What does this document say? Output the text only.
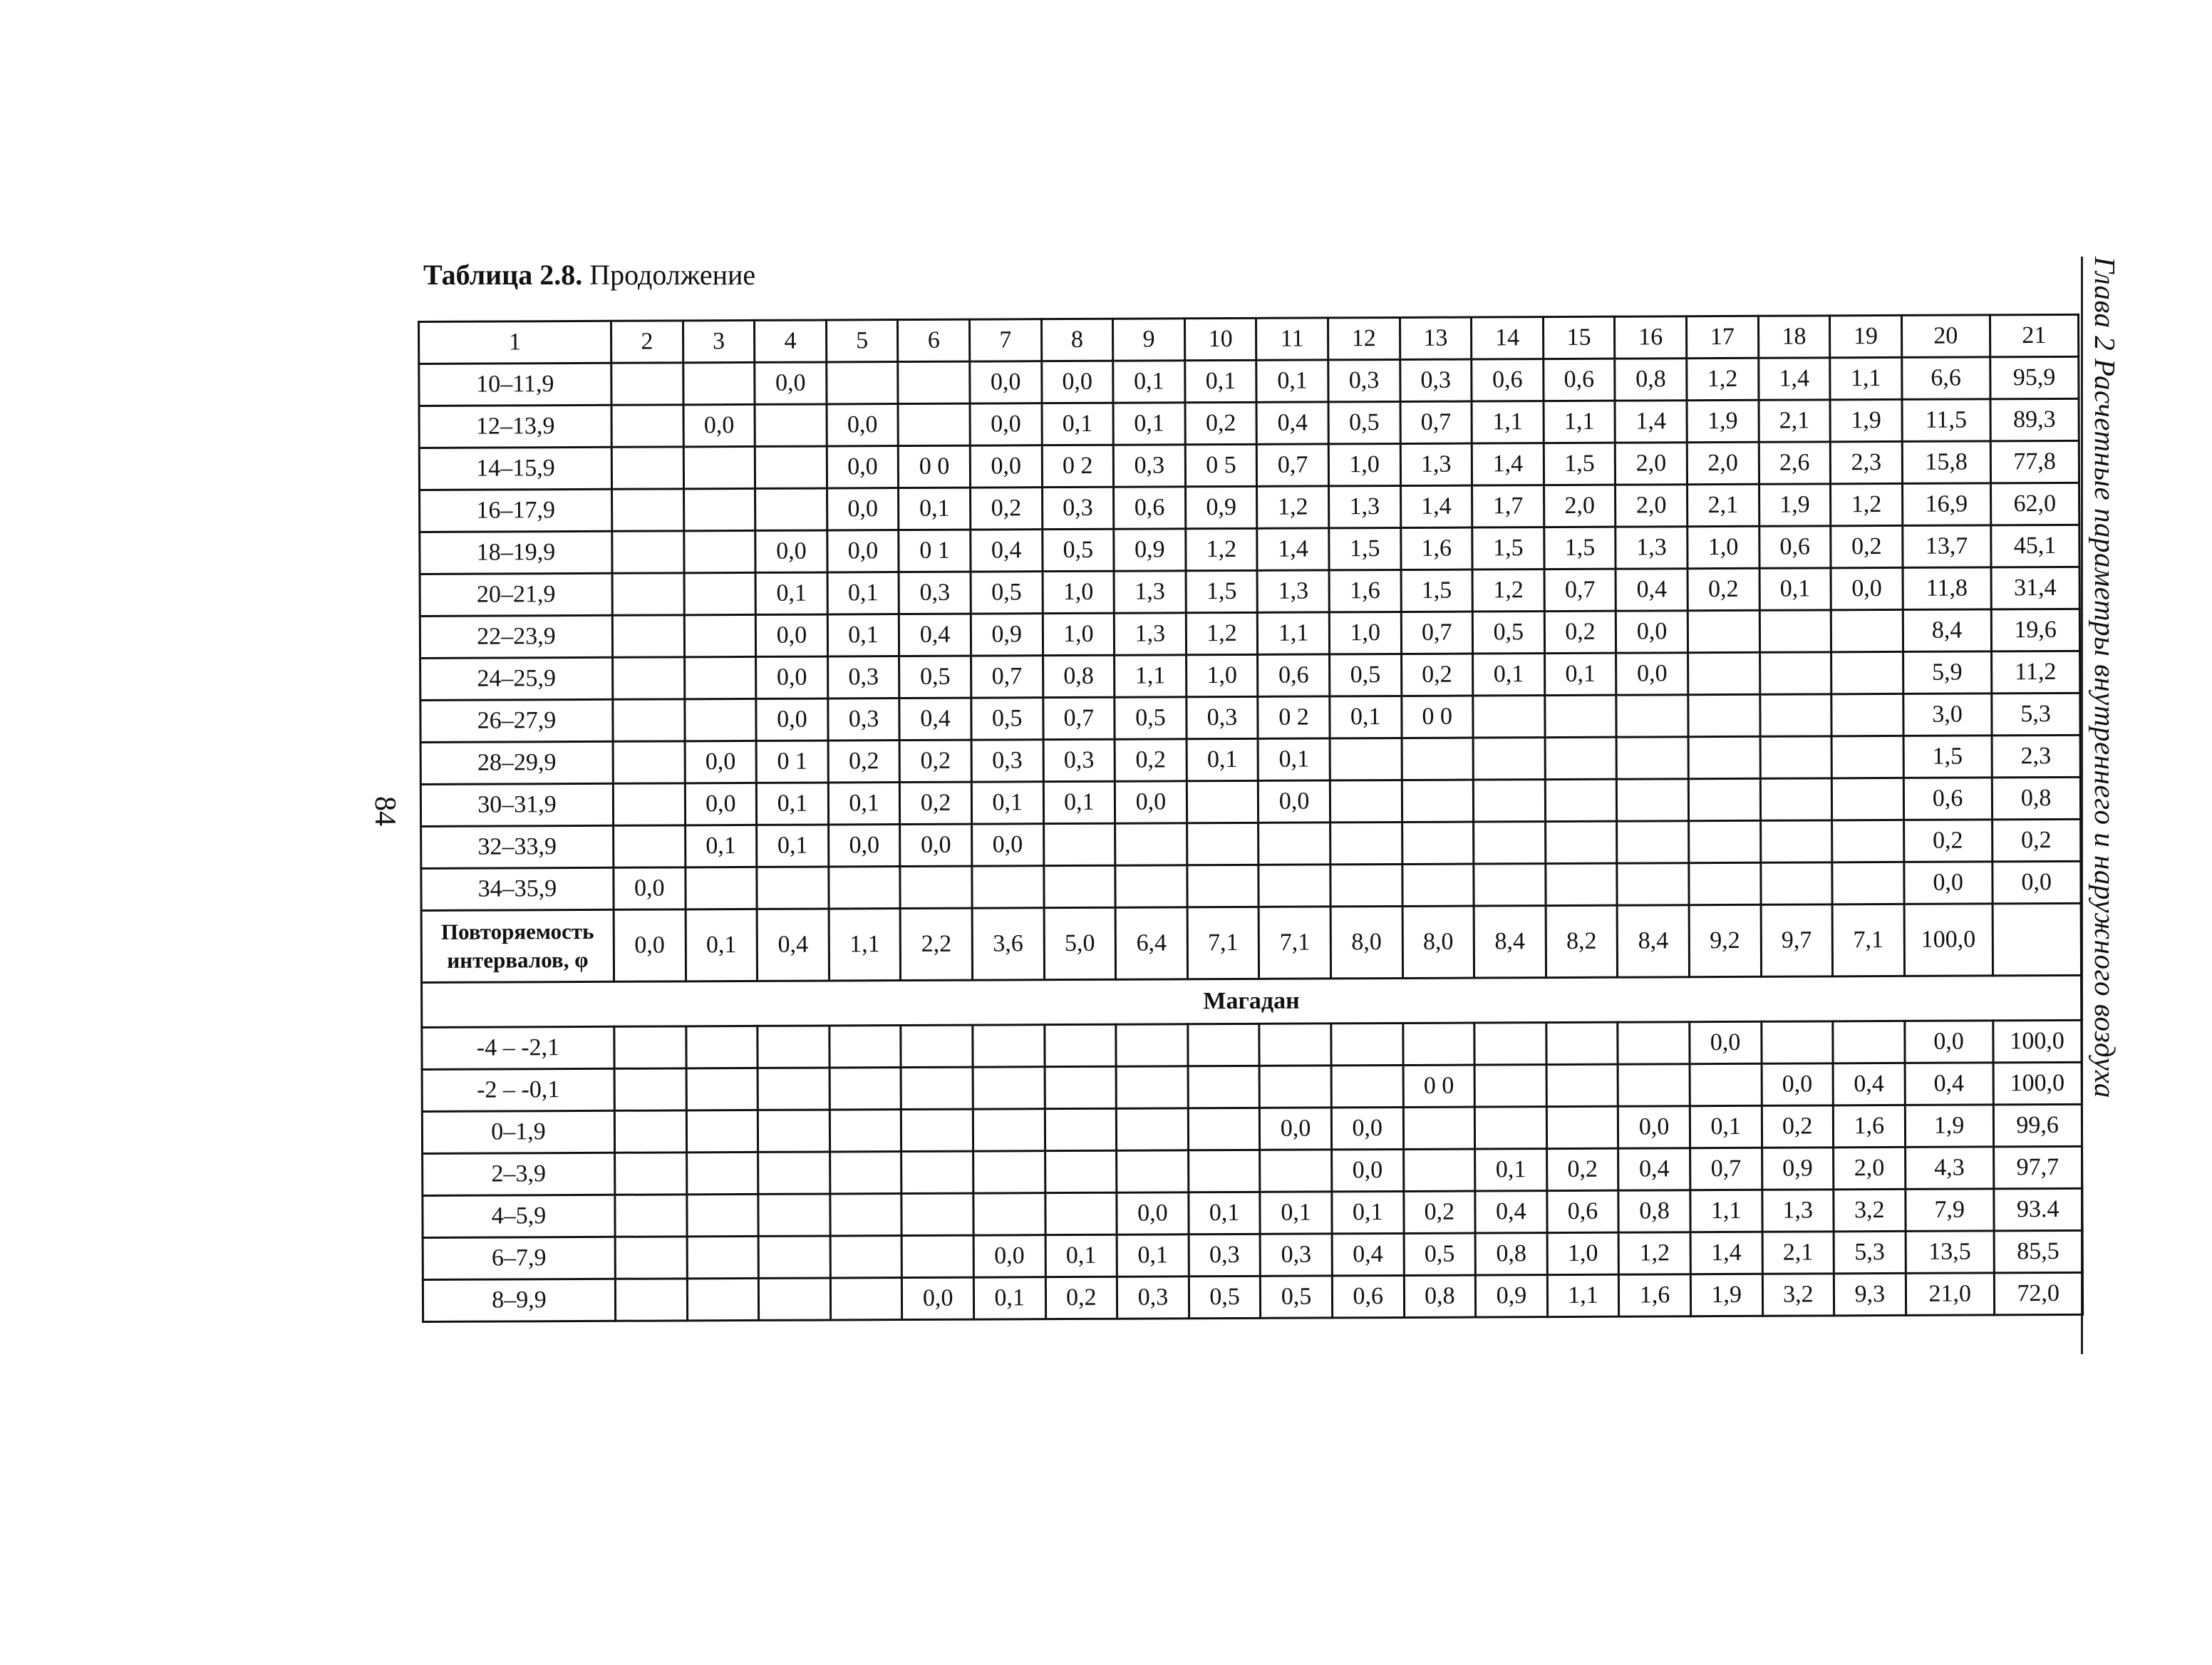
Таблица 2.8. Продолжение
84	Глава 2 Расчетные параметры внутреннего и наружного воздуха
1	2	3	4	5	6	7	8	9	10	11	12	13	14	15	16	17	18	19	20	21
10–11,9			0,0			0,0	0,0	0,1	0,1	0,1	0,3	0,3	0,6	0,6	0,8	1,2	1,4	1,1	6,6	95,9
12–13,9		0,0		0,0		0,0	0,1	0,1	0,2	0,4	0,5	0,7	1,1	1,1	1,4	1,9	2,1	1,9	11,5	89,3
14–15,9				0,0	0 0	0,0	0 2	0,3	0 5	0,7	1,0	1,3	1,4	1,5	2,0	2,0	2,6	2,3	15,8	77,8
16–17,9				0,0	0,1	0,2	0,3	0,6	0,9	1,2	1,3	1,4	1,7	2,0	2,0	2,1	1,9	1,2	16,9	62,0
18–19,9			0,0	0,0	0 1	0,4	0,5	0,9	1,2	1,4	1,5	1,6	1,5	1,5	1,3	1,0	0,6	0,2	13,7	45,1
20–21,9			0,1	0,1	0,3	0,5	1,0	1,3	1,5	1,3	1,6	1,5	1,2	0,7	0,4	0,2	0,1	0,0	11,8	31,4
22–23,9			0,0	0,1	0,4	0,9	1,0	1,3	1,2	1,1	1,0	0,7	0,5	0,2	0,0				8,4	19,6
24–25,9			0,0	0,3	0,5	0,7	0,8	1,1	1,0	0,6	0,5	0,2	0,1	0,1	0,0				5,9	11,2
26–27,9			0,0	0,3	0,4	0,5	0,7	0,5	0,3	0 2	0,1	0 0							3,0	5,3
28–29,9		0,0	0 1	0,2	0,2	0,3	0,3	0,2	0,1	0,1									1,5	2,3
30–31,9		0,0	0,1	0,1	0,2	0,1	0,1	0,0		0,0									0,6	0,8
32–33,9		0,1	0,1	0,0	0,0	0,0													0,2	0,2
34–35,9	0,0																		0,0	0,0
Повторяемость интервалов, φ	0,0	0,1	0,4	1,1	2,2	3,6	5,0	6,4	7,1	7,1	8,0	8,0	8,4	8,2	8,4	9,2	9,7	7,1	100,0	
Магадан																				
-4 – -2,1																0,0			0,0	100,0
-2 – -0,1												0 0					0,0	0,4	0,4	100,0
0–1,9										0,0	0,0				0,0	0,1	0,2	1,6	1,9	99,6
2–3,9											0,0		0,1	0,2	0,4	0,7	0,9	2,0	4,3	97,7
4–5,9								0,0	0,1	0,1	0,1	0,2	0,4	0,6	0,8	1,1	1,3	3,2	7,9	93.4
6–7,9						0,0	0,1	0,1	0,3	0,3	0,4	0,5	0,8	1,0	1,2	1,4	2,1	5,3	13,5	85,5
8–9,9					0,0	0,1	0,2	0,3	0,5	0,5	0,6	0,8	0,9	1,1	1,6	1,9	3,2	9,3	21,0	72,0
